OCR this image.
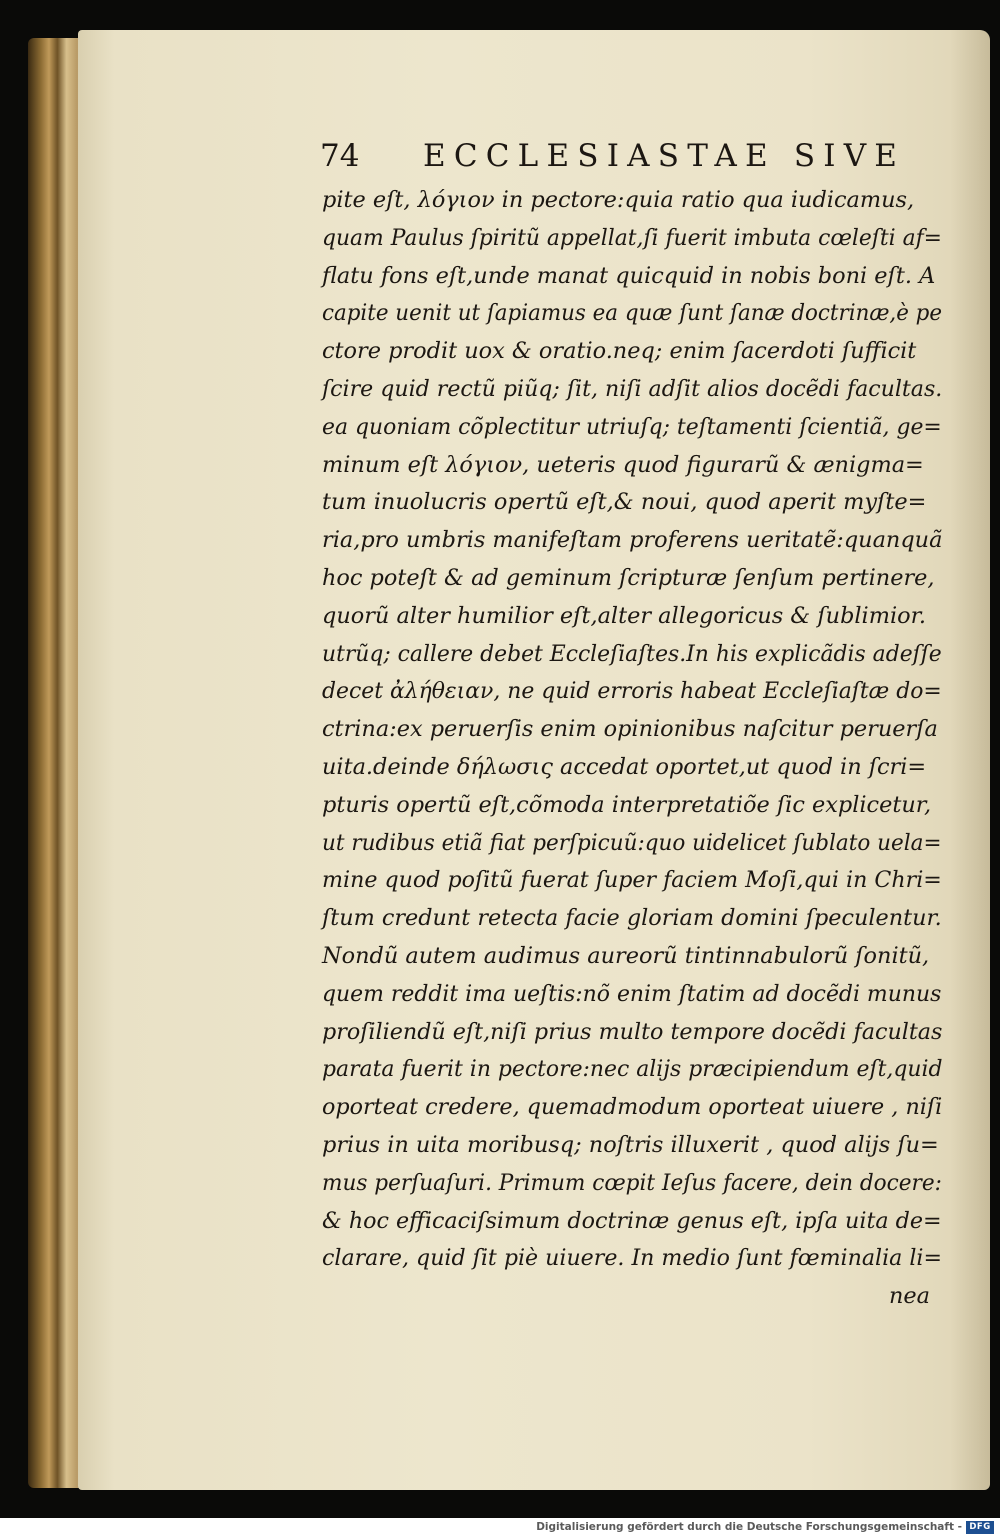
74 ECCLESIASTAE SIVE
pite eſt, λόγιον in pectore:quia ratio qua iudicamus,
quam Paulus ſpiritũ appellat,ſi fuerit imbuta cœleſti af=
flatu fons eſt,unde manat quicquid in nobis boni eſt. A
capite uenit ut ſapiamus ea quæ ſunt ſanæ doctrinæ,è pe
ctore prodit uox & oratio.neq; enim ſacerdoti ſufficit
ſcire quid rectũ piũq; ſit, niſi adſit alios docẽdi facultas.
ea quoniam cõplectitur utriuſq; teſtamenti ſcientiã, ge=
minum eſt λόγιον, ueteris quod figurarũ & ænigma=
tum inuolucris opertũ eſt,& noui, quod aperit myſte=
ria,pro umbris manifeſtam proferens ueritatẽ:quanquã
hoc poteſt & ad geminum ſcripturæ ſenſum pertinere,
quorũ alter humilior eſt,alter allegoricus & ſublimior.
utrũq; callere debet Eccleſiaſtes.In his explicãdis adeſſe
decet ἀλήθειαν, ne quid erroris habeat Eccleſiaſtæ do=
ctrina:ex peruerſis enim opinionibus naſcitur peruerſa
uita.deinde δήλωσις accedat oportet,ut quod in ſcri=
pturis opertũ eſt,cõmoda interpretatiõe ſic explicetur,
ut rudibus etiã fiat perſpicuũ:quo uidelicet ſublato uela=
mine quod poſitũ fuerat ſuper faciem Moſi,qui in Chri=
ſtum credunt retecta facie gloriam domini ſpeculentur.
Nondũ autem audimus aureorũ tintinnabulorũ ſonitũ,
quem reddit ima ueſtis:nõ enim ſtatim ad docẽdi munus
proſiliendũ eſt,niſi prius multo tempore docẽdi facultas
parata fuerit in pectore:nec alijs præcipiendum eſt,quid
oporteat credere, quemadmodum oporteat uiuere , niſi
prius in uita moribusq; noſtris illuxerit , quod alijs ſu=
mus perſuaſuri. Primum cœpit Ieſus facere, dein docere:
& hoc efficaciſsimum doctrinæ genus eſt, ipſa uita de=
clarare, quid ſit piè uiuere. In medio ſunt fœminalia li=
nea
Digitalisierung gefördert durch die Deutsche Forschungsgemeinschaft - DFG
